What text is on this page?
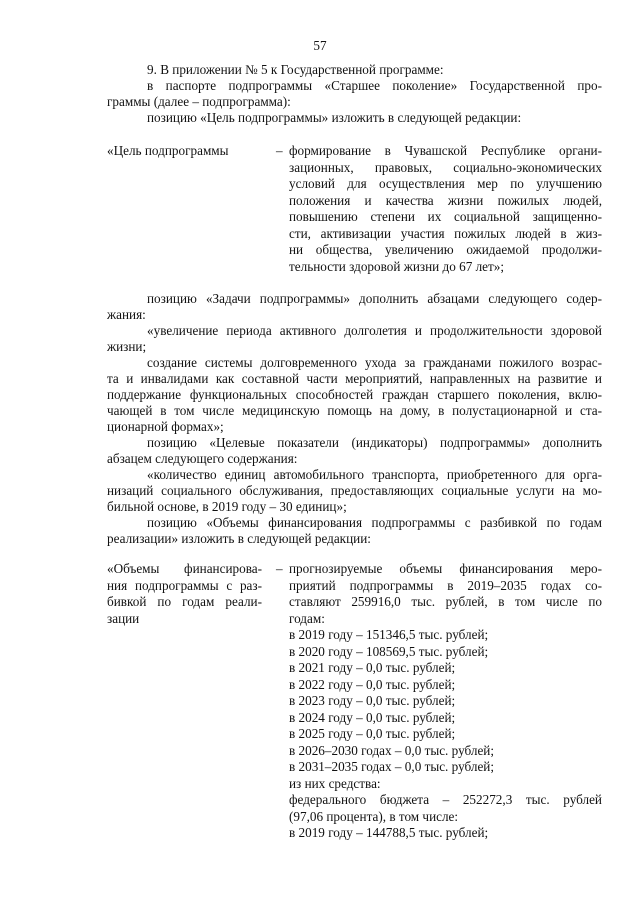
57
9. В приложении № 5 к Государственной программе:
в паспорте подпрограммы «Старшее поколение» Государственной про-
граммы (далее – подпрограмма):
позицию «Цель подпрограммы» изложить в следующей редакции:
«Цель подпрограммы	– формирование в Чувашской Республике органи-
зационных, правовых, социально-экономических
условий для осуществления мер по улучшению
положения и качества жизни пожилых людей,
повышению степени их социальной защищенно-
сти, активизации участия пожилых людей в жиз-
ни общества, увеличению ожидаемой продолжи-
тельности здоровой жизни до 67 лет»;
позицию «Задачи подпрограммы» дополнить абзацами следующего содер-
жания:
«увеличение периода активного долголетия и продолжительности здоровой
жизни;
создание системы долговременного ухода за гражданами пожилого возрас-
та и инвалидами как составной части мероприятий, направленных на развитие и
поддержание функциональных способностей граждан старшего поколения, вклю-
чающей в том числе медицинскую помощь на дому, в полустационарной и ста-
ционарной формах»;
позицию «Целевые показатели (индикаторы) подпрограммы» дополнить
абзацем следующего содержания:
«количество единиц автомобильного транспорта, приобретенного для орга-
низаций социального обслуживания, предоставляющих социальные услуги на мо-
бильной основе, в 2019 году – 30 единиц»;
позицию «Объемы финансирования подпрограммы с разбивкой по годам
реализации» изложить в следующей редакции:
«Объемы финансирова-
ния подпрограммы с раз-
бивкой по годам реали-
зации
– прогнозируемые объемы финансирования меро-
приятий подпрограммы в 2019–2035 годах со-
ставляют 259916,0 тыс. рублей, в том числе по
годам:
в 2019 году – 151346,5 тыс. рублей;
в 2020 году – 108569,5 тыс. рублей;
в 2021 году – 0,0 тыс. рублей;
в 2022 году – 0,0 тыс. рублей;
в 2023 году – 0,0 тыс. рублей;
в 2024 году – 0,0 тыс. рублей;
в 2025 году – 0,0 тыс. рублей;
в 2026–2030 годах – 0,0 тыс. рублей;
в 2031–2035 годах – 0,0 тыс. рублей;
из них средства:
федерального бюджета – 252272,3 тыс. рублей
(97,06 процента), в том числе:
в 2019 году – 144788,5 тыс. рублей;
